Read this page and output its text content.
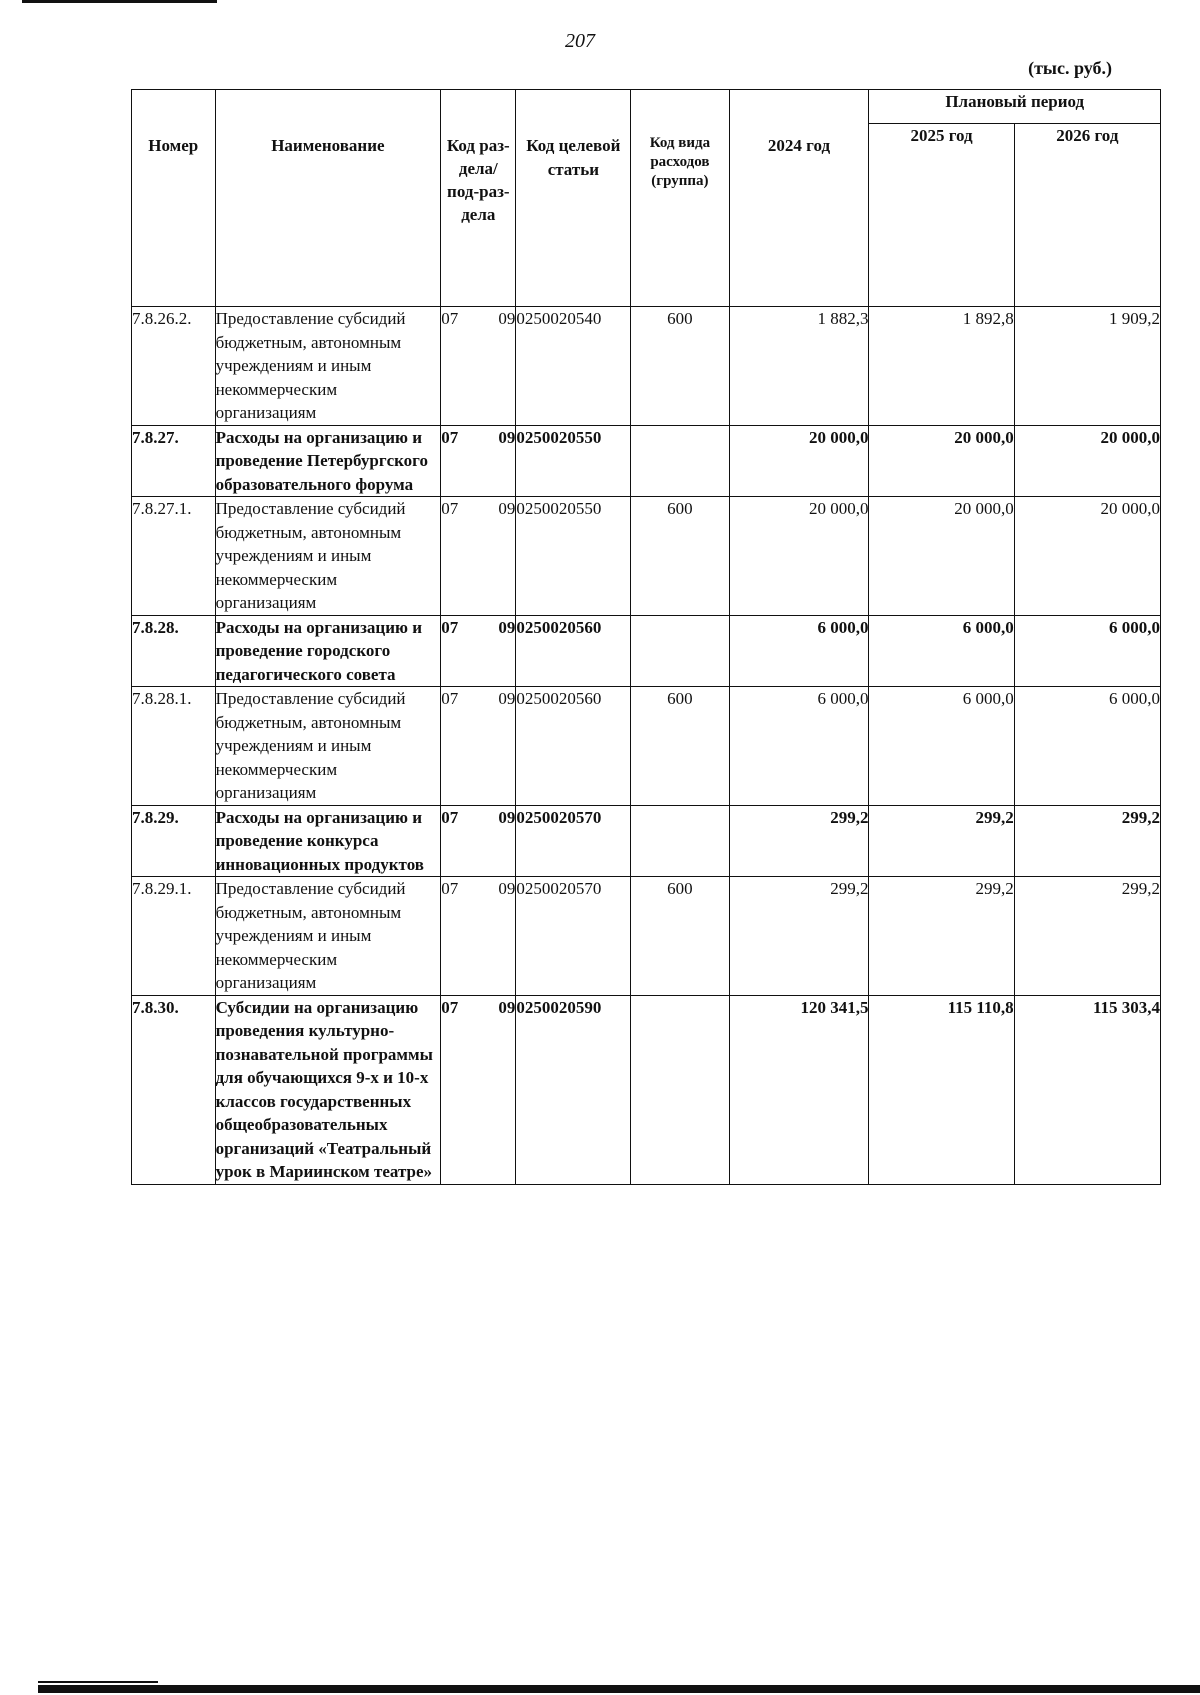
207
(тыс. руб.)
Номер	Наименование	Код раз-дела/ под-раз-дела	Код целевой статьи	Код вида расходов (группа)	2024 год	Плановый период	
						2025 год	2026 год
7.8.26.2.	Предоставление субсидий бюджетным, автономным учреждениям и иным некоммерческим организациям	07 09	0250020540	600	1 882,3	1 892,8	1 909,2
7.8.27.	Расходы на организацию и проведение Петербургского образовательного форума	07 09	0250020550		20 000,0	20 000,0	20 000,0
7.8.27.1.	Предоставление субсидий бюджетным, автономным учреждениям и иным некоммерческим организациям	07 09	0250020550	600	20 000,0	20 000,0	20 000,0
7.8.28.	Расходы на организацию и проведение городского педагогического совета	07 09	0250020560		6 000,0	6 000,0	6 000,0
7.8.28.1.	Предоставление субсидий бюджетным, автономным учреждениям и иным некоммерческим организациям	07 09	0250020560	600	6 000,0	6 000,0	6 000,0
7.8.29.	Расходы на организацию и проведение конкурса инновационных продуктов	07 09	0250020570		299,2	299,2	299,2
7.8.29.1.	Предоставление субсидий бюджетным, автономным учреждениям и иным некоммерческим организациям	07 09	0250020570	600	299,2	299,2	299,2
7.8.30.	Субсидии на организацию проведения культурно-познавательной программы для обучающихся 9-х и 10-х классов государственных общеобразовательных организаций «Театральный урок в Мариинском театре»	07 09	0250020590		120 341,5	115 110,8	115 303,4
